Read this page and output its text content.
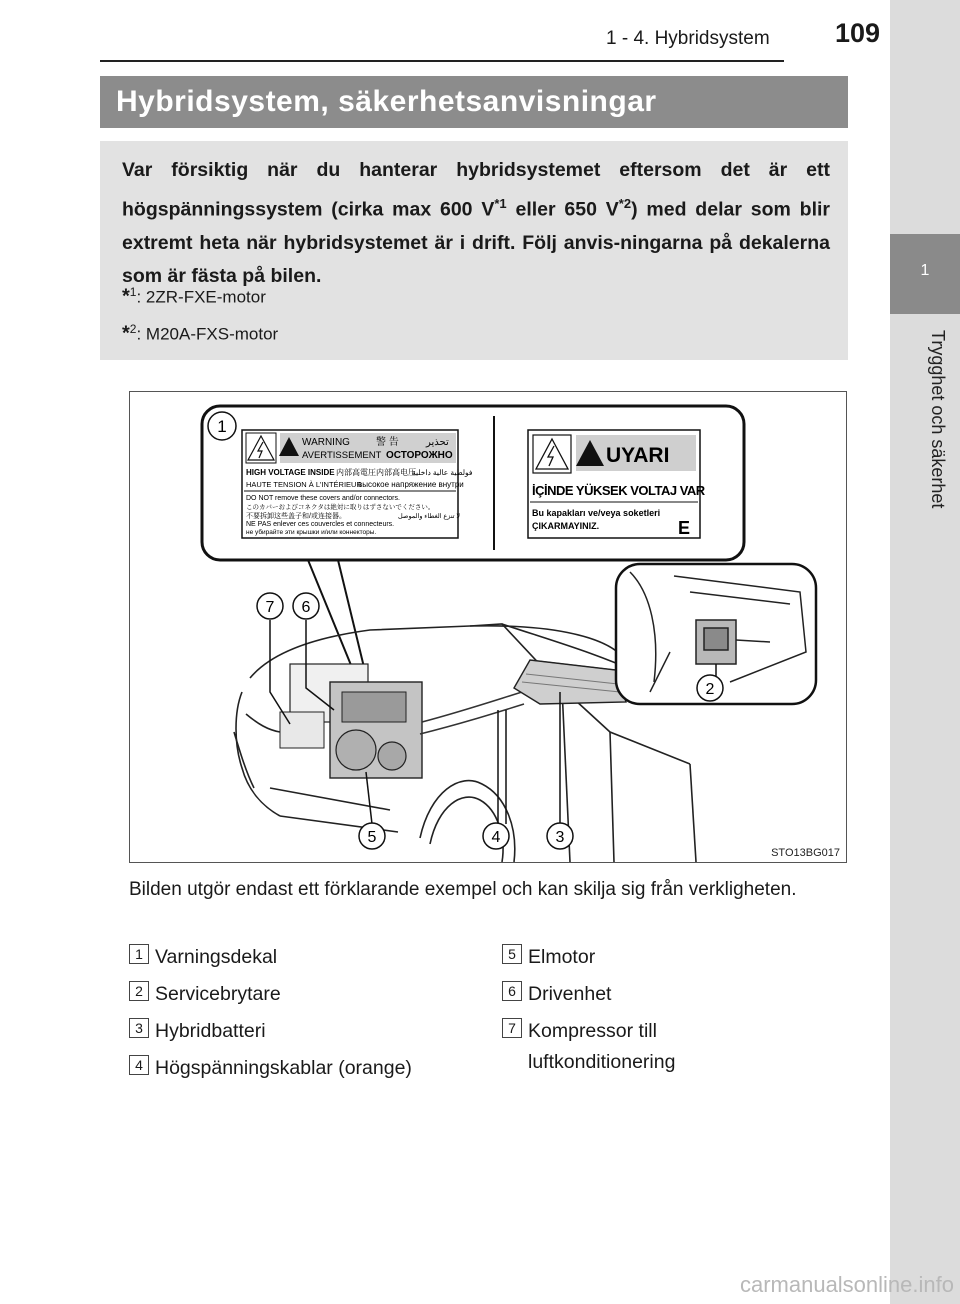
1 - 4. Hybridsystem 109
1
Trygghet och säkerhet
Hybridsystem, säkerhetsanvisningar
Var försiktig när du hanterar hybridsystemet eftersom det är ett högspänningssystem (cirka max 600 $V^{*1}$ eller 650 $V^{*2}$) med delar som blir extremt heta när hybridsystemet är i drift. Följ anvis-ningarna på dekalerna som är fästa på bilen.
*$^1$: 2ZR-FXE-motor
*$^2$: M20A-FXS-motor
WARNING	警 告	تحذير
AVERTISSEMENT ОСТОРОЖНО
HIGH VOLTAGE INSIDE 内部高電圧 内部高电压
فولطية عالية داخلية
HAUTE TENSION À L'INTÉRIEUR
высокое напряжение внутри
DO NOT remove these covers and/or connectors.
このカバーおよびコネクタは絶対に取りはずさないでください。
不要拆卸这些盖子和/或连接器。	لا تنزع الغطاء والموصل
NE PAS enlever ces couvercles et connecteurs.
не убирайте эти крышки и/или коннекторы.
UYARI
İÇİNDE YÜKSEK VOLTAJ VAR
Bu kapakları ve/veya soketleri
ÇIKARMAYINIZ.	E
1
2
3
4
5
6
7
STO13BG017
Bilden utgör endast ett förklarande exempel och kan skilja sig från verkligheten.
1 Varningsdekal
2 Servicebrytare
3 Hybridbatteri
4 Högspänningskablar (orange)
5 Elmotor
6 Drivenhet
7 Kompressor till
luftkonditionering
carmanualsonline.info
